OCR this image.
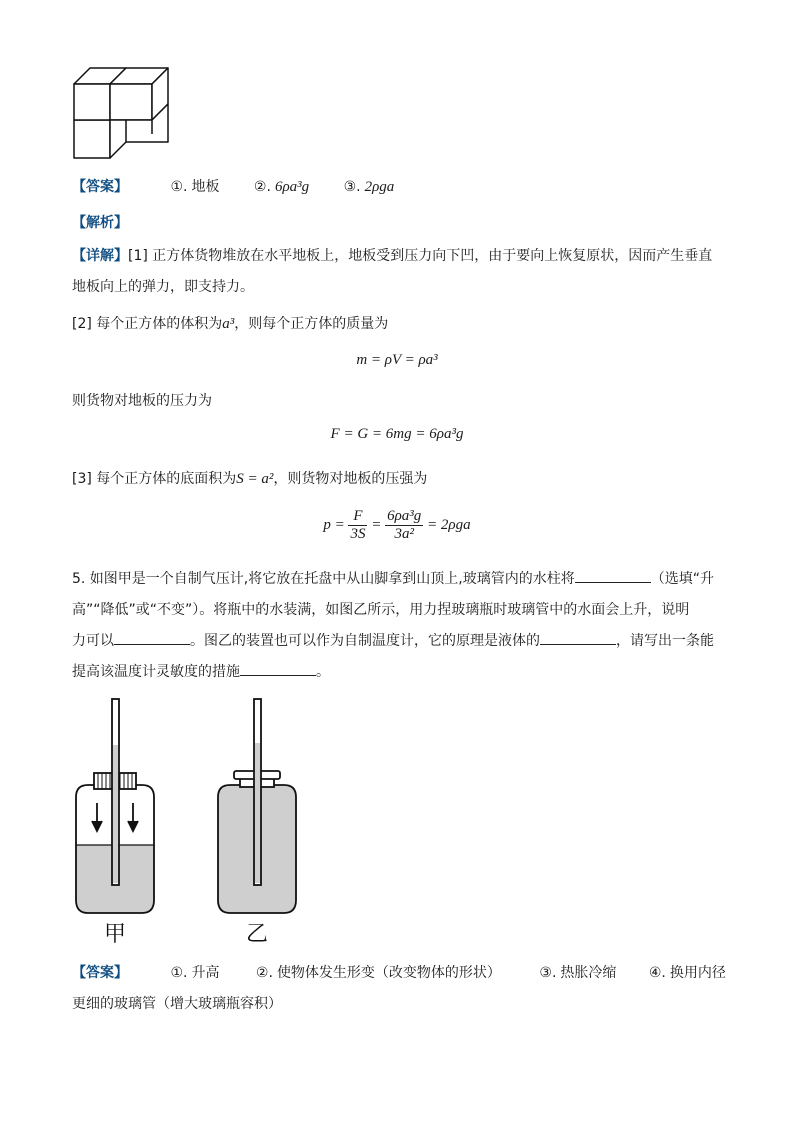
【答案】	①. 地板 ②. 6ρa³g ③. 2ρga
【解析】
【详解】[1] 正方体货物堆放在水平地板上，地板受到压力向下凹，由于要向上恢复原状，因而产生垂直
地板向上的弹力，即支持力。
[2] 每个正方体的体积为a³，则每个正方体的质量为
m = ρV = ρa³
则货物对地板的压力为
F = G = 6mg = 6ρa³g
[3] 每个正方体的底面积为S = a²，则货物对地板的压强为
$p = \frac{F}{3S} = \frac{\text{6ρa³g}}{\text{3a²}} = 2\rho ga$
5. 如图甲是一个自制气压计,将它放在托盘中从山脚拿到山顶上,玻璃管内的水柱将	（选填“升
高”“降低”或“不变”）。将瓶中的水装满，如图乙所示，用力捏玻璃瓶时玻璃管中的水面会上升，说明
力可以	。图乙的装置也可以作为自制温度计，它的原理是液体的	，请写出一条能
提高该温度计灵敏度的措施	。
甲	乙
【答案】	①. 升高	②. 使物体发生形变（改变物体的形状）	③. 热胀冷缩 ④. 换用内径
更细的玻璃管（增大玻璃瓶容积）
